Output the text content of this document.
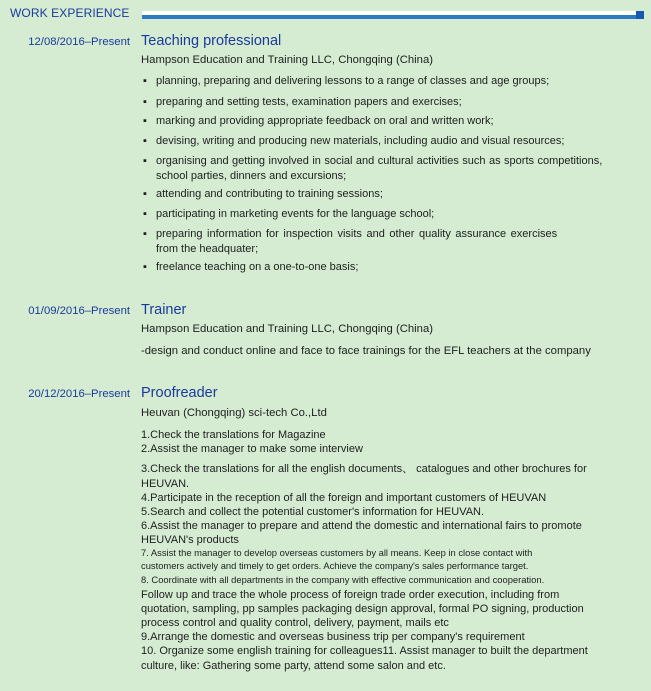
WORK EXPERIENCE
12/08/2016–Present Teaching professional
Hampson Education and Training LLC, Chongqing (China)
▪ planning, preparing and delivering lessons to a range of classes and age groups;
▪ preparing and setting tests, examination papers and exercises;
▪ marking and providing appropriate feedback on oral and written work;
▪ devising, writing and producing new materials, including audio and visual resources;
▪ organising and getting involved in social and cultural activities such as sports competitions,
school parties, dinners and excursions;
▪ attending and contributing to training sessions;
▪ participating in marketing events for the language school;
▪ preparing information for inspection visits and other quality assurance exercises
from the headquater;
▪ freelance teaching on a one-to-one basis;
01/09/2016–Present Trainer
Hampson Education and Training LLC, Chongqing (China)
-design and conduct online and face to face trainings for the EFL teachers at the company
20/12/2016–Present Proofreader
Heuvan (Chongqing) sci-tech Co.,Ltd
1.Check the translations for Magazine
2.Assist the manager to make some interview
3.Check the translations for all the english documents、 catalogues and other brochures for
HEUVAN.
4.Participate in the reception of all the foreign and important customers of HEUVAN
5.Search and collect the potential customer's information for HEUVAN.
6.Assist the manager to prepare and attend the domestic and international fairs to promote
HEUVAN's products
7. Assist the manager to develop overseas customers by all means. Keep in close contact with
customers actively and timely to get orders. Achieve the company's sales performance target.
8. Coordinate with all departments in the company with effective communication and cooperation.
Follow up and trace the whole process of foreign trade order execution, including from
quotation, sampling, pp samples packaging design approval, formal PO signing, production
process control and quality control, delivery, payment, mails etc
9.Arrange the domestic and overseas business trip per company's requirement
10. Organize some english training for colleagues11. Assist manager to built the department
culture, like: Gathering some party, attend some salon and etc.
